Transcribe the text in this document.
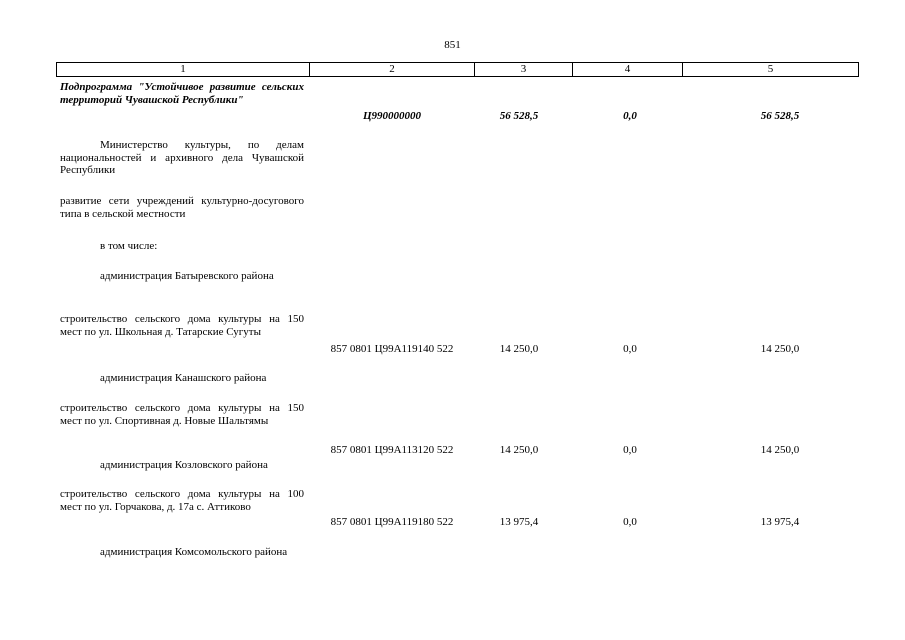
851
1	2	3	4	5
Подпрограмма "Устойчивое развитие сельских территорий Чувашской Республики"
Ц990000000	56 528,5	0,0	56 528,5
Министерство культуры, по делам национальностей и архивного дела Чувашской Республики
развитие сети учреждений культурно-досугового типа в сельской местности
в том числе:
администрация Батыревского района
строительство сельского дома культуры на 150 мест по ул. Школьная д. Татарские Сугуты
857 0801 Ц99А119140 522	14 250,0	0,0	14 250,0
администрация Канашского района
строительство сельского дома культуры на 150 мест по ул. Спортивная д. Новые Шальтямы
857 0801 Ц99А113120 522	14 250,0	0,0	14 250,0
администрация Козловского района
строительство сельского дома культуры на 100 мест по ул. Горчакова, д. 17а с. Аттиково
857 0801 Ц99А119180 522	13 975,4	0,0	13 975,4
администрация Комсомольского района
